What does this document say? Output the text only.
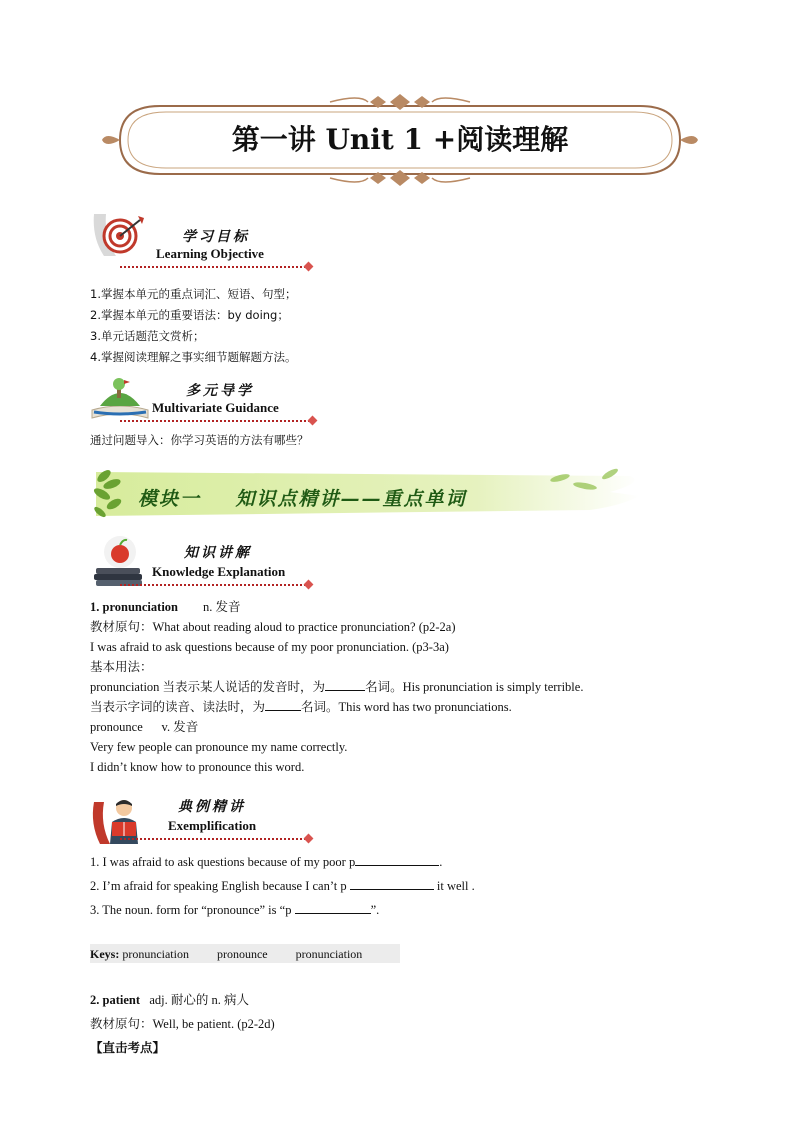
第一讲 Unit 1 +阅读理解
学习目标
Learning Objective
1.掌握本单元的重点词汇、短语、句型；
2.掌握本单元的重要语法：by doing；
3.单元话题范文赏析；
4.掌握阅读理解之事实细节题解题方法。
多元导学
Multivariate Guidance
通过问题导入：你学习英语的方法有哪些？
模块一 知识点精讲——重点单词
知识讲解
Knowledge Explanation
1. pronunciation n. 发音
教材原句：What about reading aloud to practice pronunciation? (p2-2a)
I was afraid to ask questions because of my poor pronunciation. (p3-3a)
基本用法：
pronunciation 当表示某人说话的发音时，为	名词。His pronunciation is simply terrible.
当表示字词的读音、读法时，为	名词。This word has two pronunciations.
pronounce v. 发音
Very few people can pronounce my name correctly.
I didn’t know how to pronounce this word.
典例精讲
Exemplification
1. I was afraid to ask questions because of my poor p	.
2. I’m afraid for speaking English because I can’t p	it well .
3. The noun. form for “pronounce” is “p	”.
Keys: pronunciation pronounce pronunciation
2. patient adj. 耐心的 n. 病人
教材原句：Well, be patient. (p2-2d)
【直击考点】
